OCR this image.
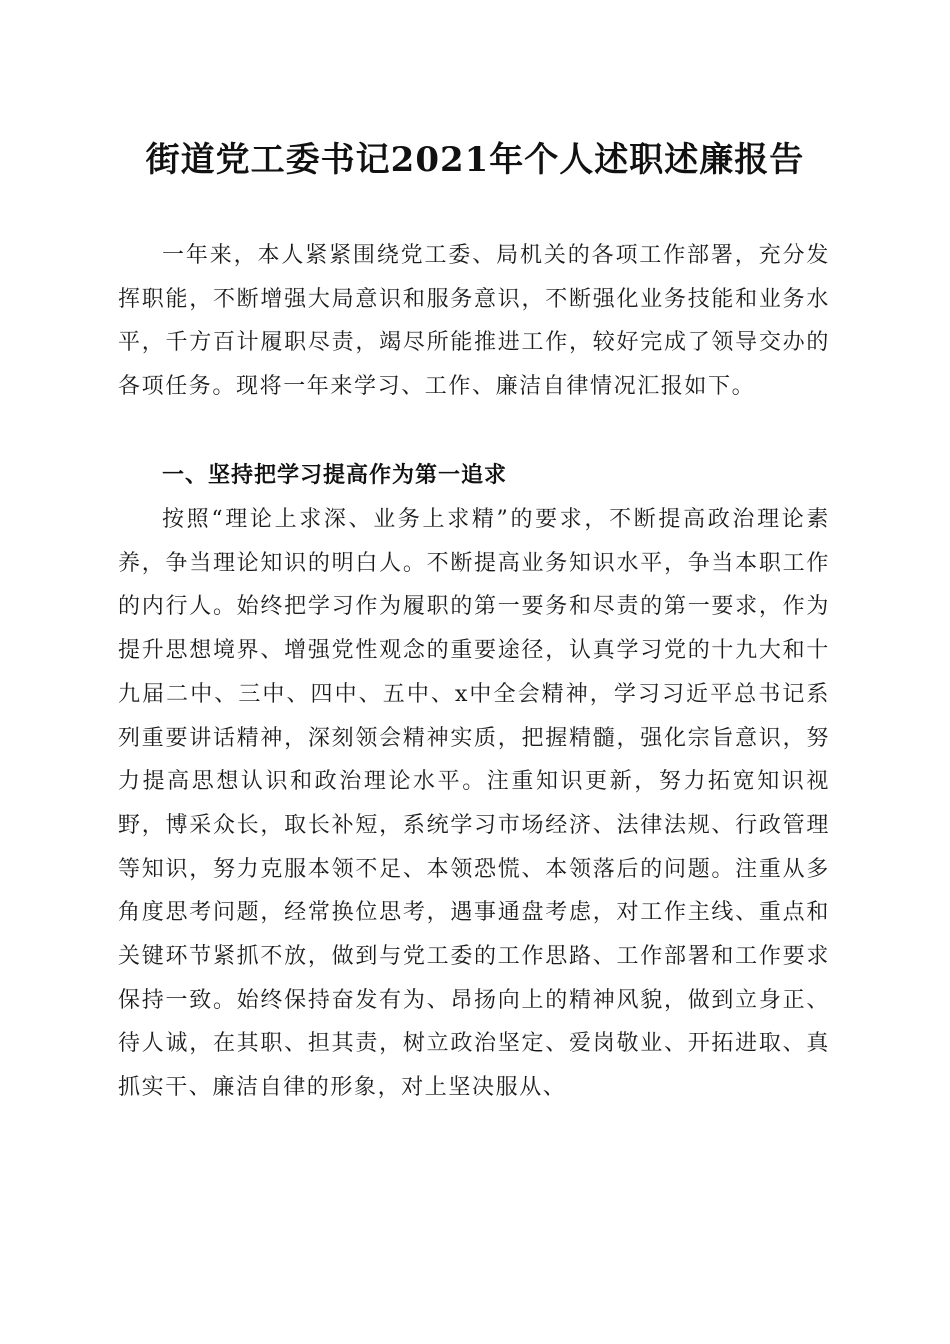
街道党工委书记2021年个人述职述廉报告

一年来，本人紧紧围绕党工委、局机关的各项工作部署，充分发挥职能，不断增强大局意识和服务意识，不断强化业务技能和业务水平，千方百计履职尽责，竭尽所能推进工作，较好完成了领导交办的各项任务。现将一年来学习、工作、廉洁自律情况汇报如下。

一、坚持把学习提高作为第一追求

按照“理论上求深、业务上求精”的要求，不断提高政治理论素养，争当理论知识的明白人。不断提高业务知识水平，争当本职工作的内行人。始终把学习作为履职的第一要务和尽责的第一要求，作为提升思想境界、增强党性观念的重要途径，认真学习党的十九大和十九届二中、三中、四中、五中、x中全会精神，学习习近平总书记系列重要讲话精神，深刻领会精神实质，把握精髓，强化宗旨意识，努力提高思想认识和政治理论水平。注重知识更新，努力拓宽知识视野，博采众长，取长补短，系统学习市场经济、法律法规、行政管理等知识，努力克服本领不足、本领恐慌、本领落后的问题。注重从多角度思考问题，经常换位思考，遇事通盘考虑，对工作主线、重点和关键环节紧抓不放，做到与党工委的工作思路、工作部署和工作要求保持一致。始终保持奋发有为、昂扬向上的精神风貌，做到立身正、待人诚，在其职、担其责，树立政治坚定、爱岗敬业、开拓进取、真抓实干、廉洁自律的形象，对上坚决服从、
